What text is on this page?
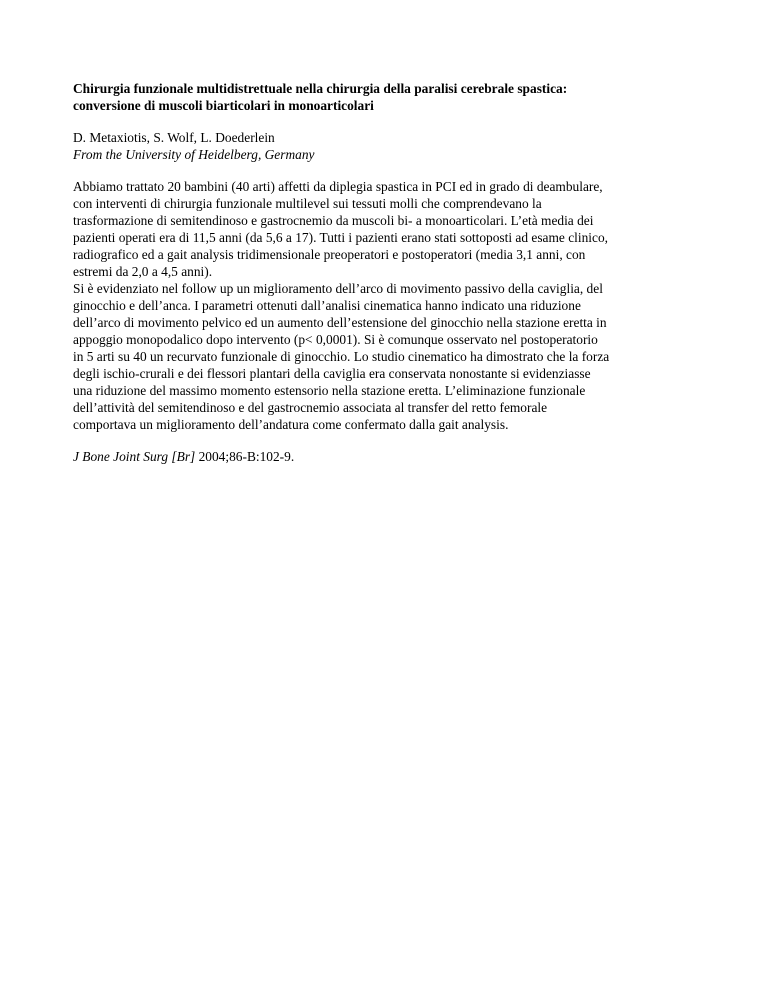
Chirurgia funzionale multidistrettuale nella chirurgia della paralisi cerebrale spastica:
conversione di muscoli biarticolari in monoarticolari

D. Metaxiotis, S. Wolf, L. Doederlein

From the University of Heidelberg, Germany

Abbiamo trattato 20 bambini (40 arti) affetti da diplegia spastica in PCI ed in grado di deambulare,
con interventi di chirurgia funzionale multilevel sui tessuti molli che comprendevano la
trasformazione di semitendinoso e gastrocnemio da muscoli bi- a monoarticolari. L’età media dei
pazienti operati era di 11,5 anni (da 5,6 a 17). Tutti i pazienti erano stati sottoposti ad esame clinico,
radiografico ed a gait analysis tridimensionale preoperatori e postoperatori (media 3,1 anni, con
estremi da 2,0 a 4,5 anni).
Si è evidenziato nel follow up un miglioramento dell’arco di movimento passivo della caviglia, del
ginocchio e dell’anca. I parametri ottenuti dall’analisi cinematica hanno indicato una riduzione
dell’arco di movimento pelvico ed un aumento dell’estensione del ginocchio nella stazione eretta in
appoggio monopodalico dopo intervento (p< 0,0001). Si è comunque osservato nel postoperatorio
in 5 arti su 40 un recurvato funzionale di ginocchio. Lo studio cinematico ha dimostrato che la forza
degli ischio-crurali e dei flessori plantari della caviglia era conservata nonostante si evidenziasse
una riduzione del massimo momento estensorio nella stazione eretta. L’eliminazione funzionale
dell’attività del semitendinoso e del gastrocnemio associata al transfer del retto femorale
comportava un miglioramento dell’andatura come confermato dalla gait analysis.

J Bone Joint Surg [Br] 2004;86-B:102-9.
